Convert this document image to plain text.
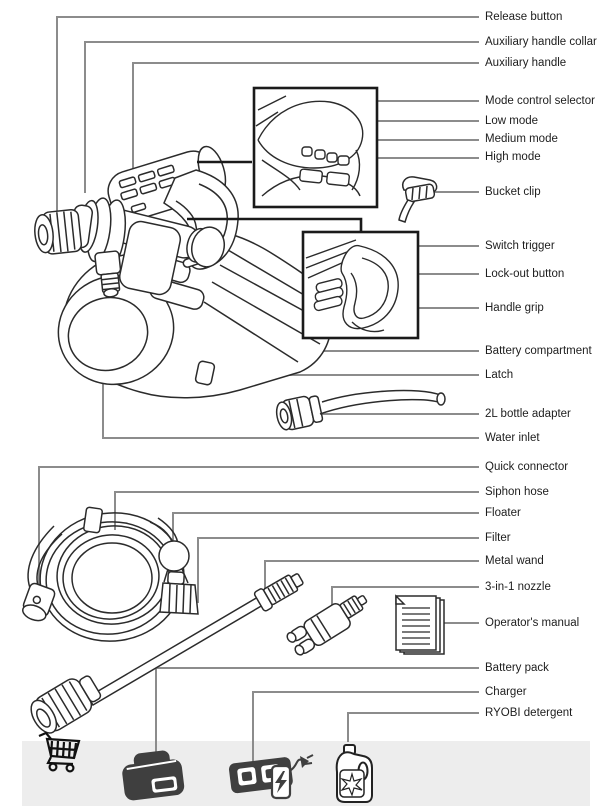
Release button
Auxiliary handle collar
Auxiliary handle
Mode control selector
Low mode
Medium mode
High mode
Bucket clip
Switch trigger
Lock-out button
Handle grip
Battery compartment
Latch
2L bottle adapter
Water inlet
Quick connector
Siphon hose
Floater
Filter
Metal wand
3-in-1 nozzle
Operator's manual
Battery pack
Charger
RYOBI detergent
